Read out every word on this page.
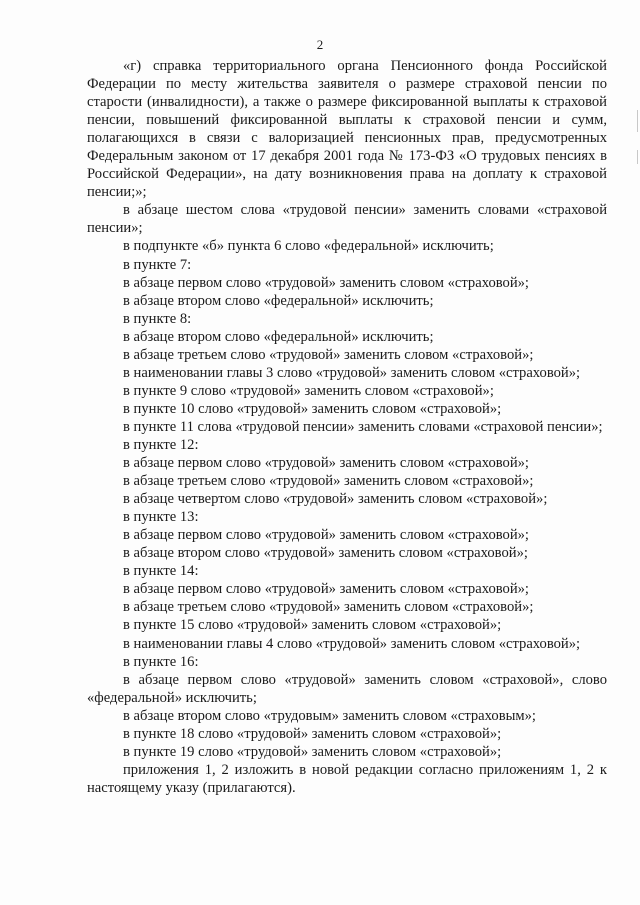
2

«г) справка территориального органа Пенсионного фонда Российской Федерации по месту жительства заявителя о размере страховой пенсии по старости (инвалидности), а также о размере фиксированной выплаты к страховой пенсии, повышений фиксированной выплаты к страховой пенсии и сумм, полагающихся в связи с валоризацией пенсионных прав, предусмотренных Федеральным законом от 17 декабря 2001 года № 173-ФЗ «О трудовых пенсиях в Российской Федерации», на дату возникновения права на доплату к страховой пенсии;»;

в абзаце шестом слова «трудовой пенсии» заменить словами «страховой пенсии»;

в подпункте «б» пункта 6 слово «федеральной» исключить;

в пункте 7:

в абзаце первом слово «трудовой» заменить словом «страховой»;

в абзаце втором слово «федеральной» исключить;

в пункте 8:

в абзаце втором слово «федеральной» исключить;

в абзаце третьем слово «трудовой» заменить словом «страховой»;

в наименовании главы 3 слово «трудовой» заменить словом «страховой»;

в пункте 9 слово «трудовой» заменить словом «страховой»;

в пункте 10 слово «трудовой» заменить словом «страховой»;

в пункте 11 слова «трудовой пенсии» заменить словами «страховой пенсии»;

в пункте 12:

в абзаце первом слово «трудовой» заменить словом «страховой»;

в абзаце третьем слово «трудовой» заменить словом «страховой»;

в абзаце четвертом слово «трудовой» заменить словом «страховой»;

в пункте 13:

в абзаце первом слово «трудовой» заменить словом «страховой»;

в абзаце втором слово «трудовой» заменить словом «страховой»;

в пункте 14:

в абзаце первом слово «трудовой» заменить словом «страховой»;

в абзаце третьем слово «трудовой» заменить словом «страховой»;

в пункте 15 слово «трудовой» заменить словом «страховой»;

в наименовании главы 4 слово «трудовой» заменить словом «страховой»;

в пункте 16:

в абзаце первом слово «трудовой» заменить словом «страховой», слово «федеральной» исключить;

в абзаце втором слово «трудовым» заменить словом «страховым»;

в пункте 18 слово «трудовой» заменить словом «страховой»;

в пункте 19 слово «трудовой» заменить словом «страховой»;

приложения 1, 2 изложить в новой редакции согласно приложениям 1, 2 к настоящему указу (прилагаются).
